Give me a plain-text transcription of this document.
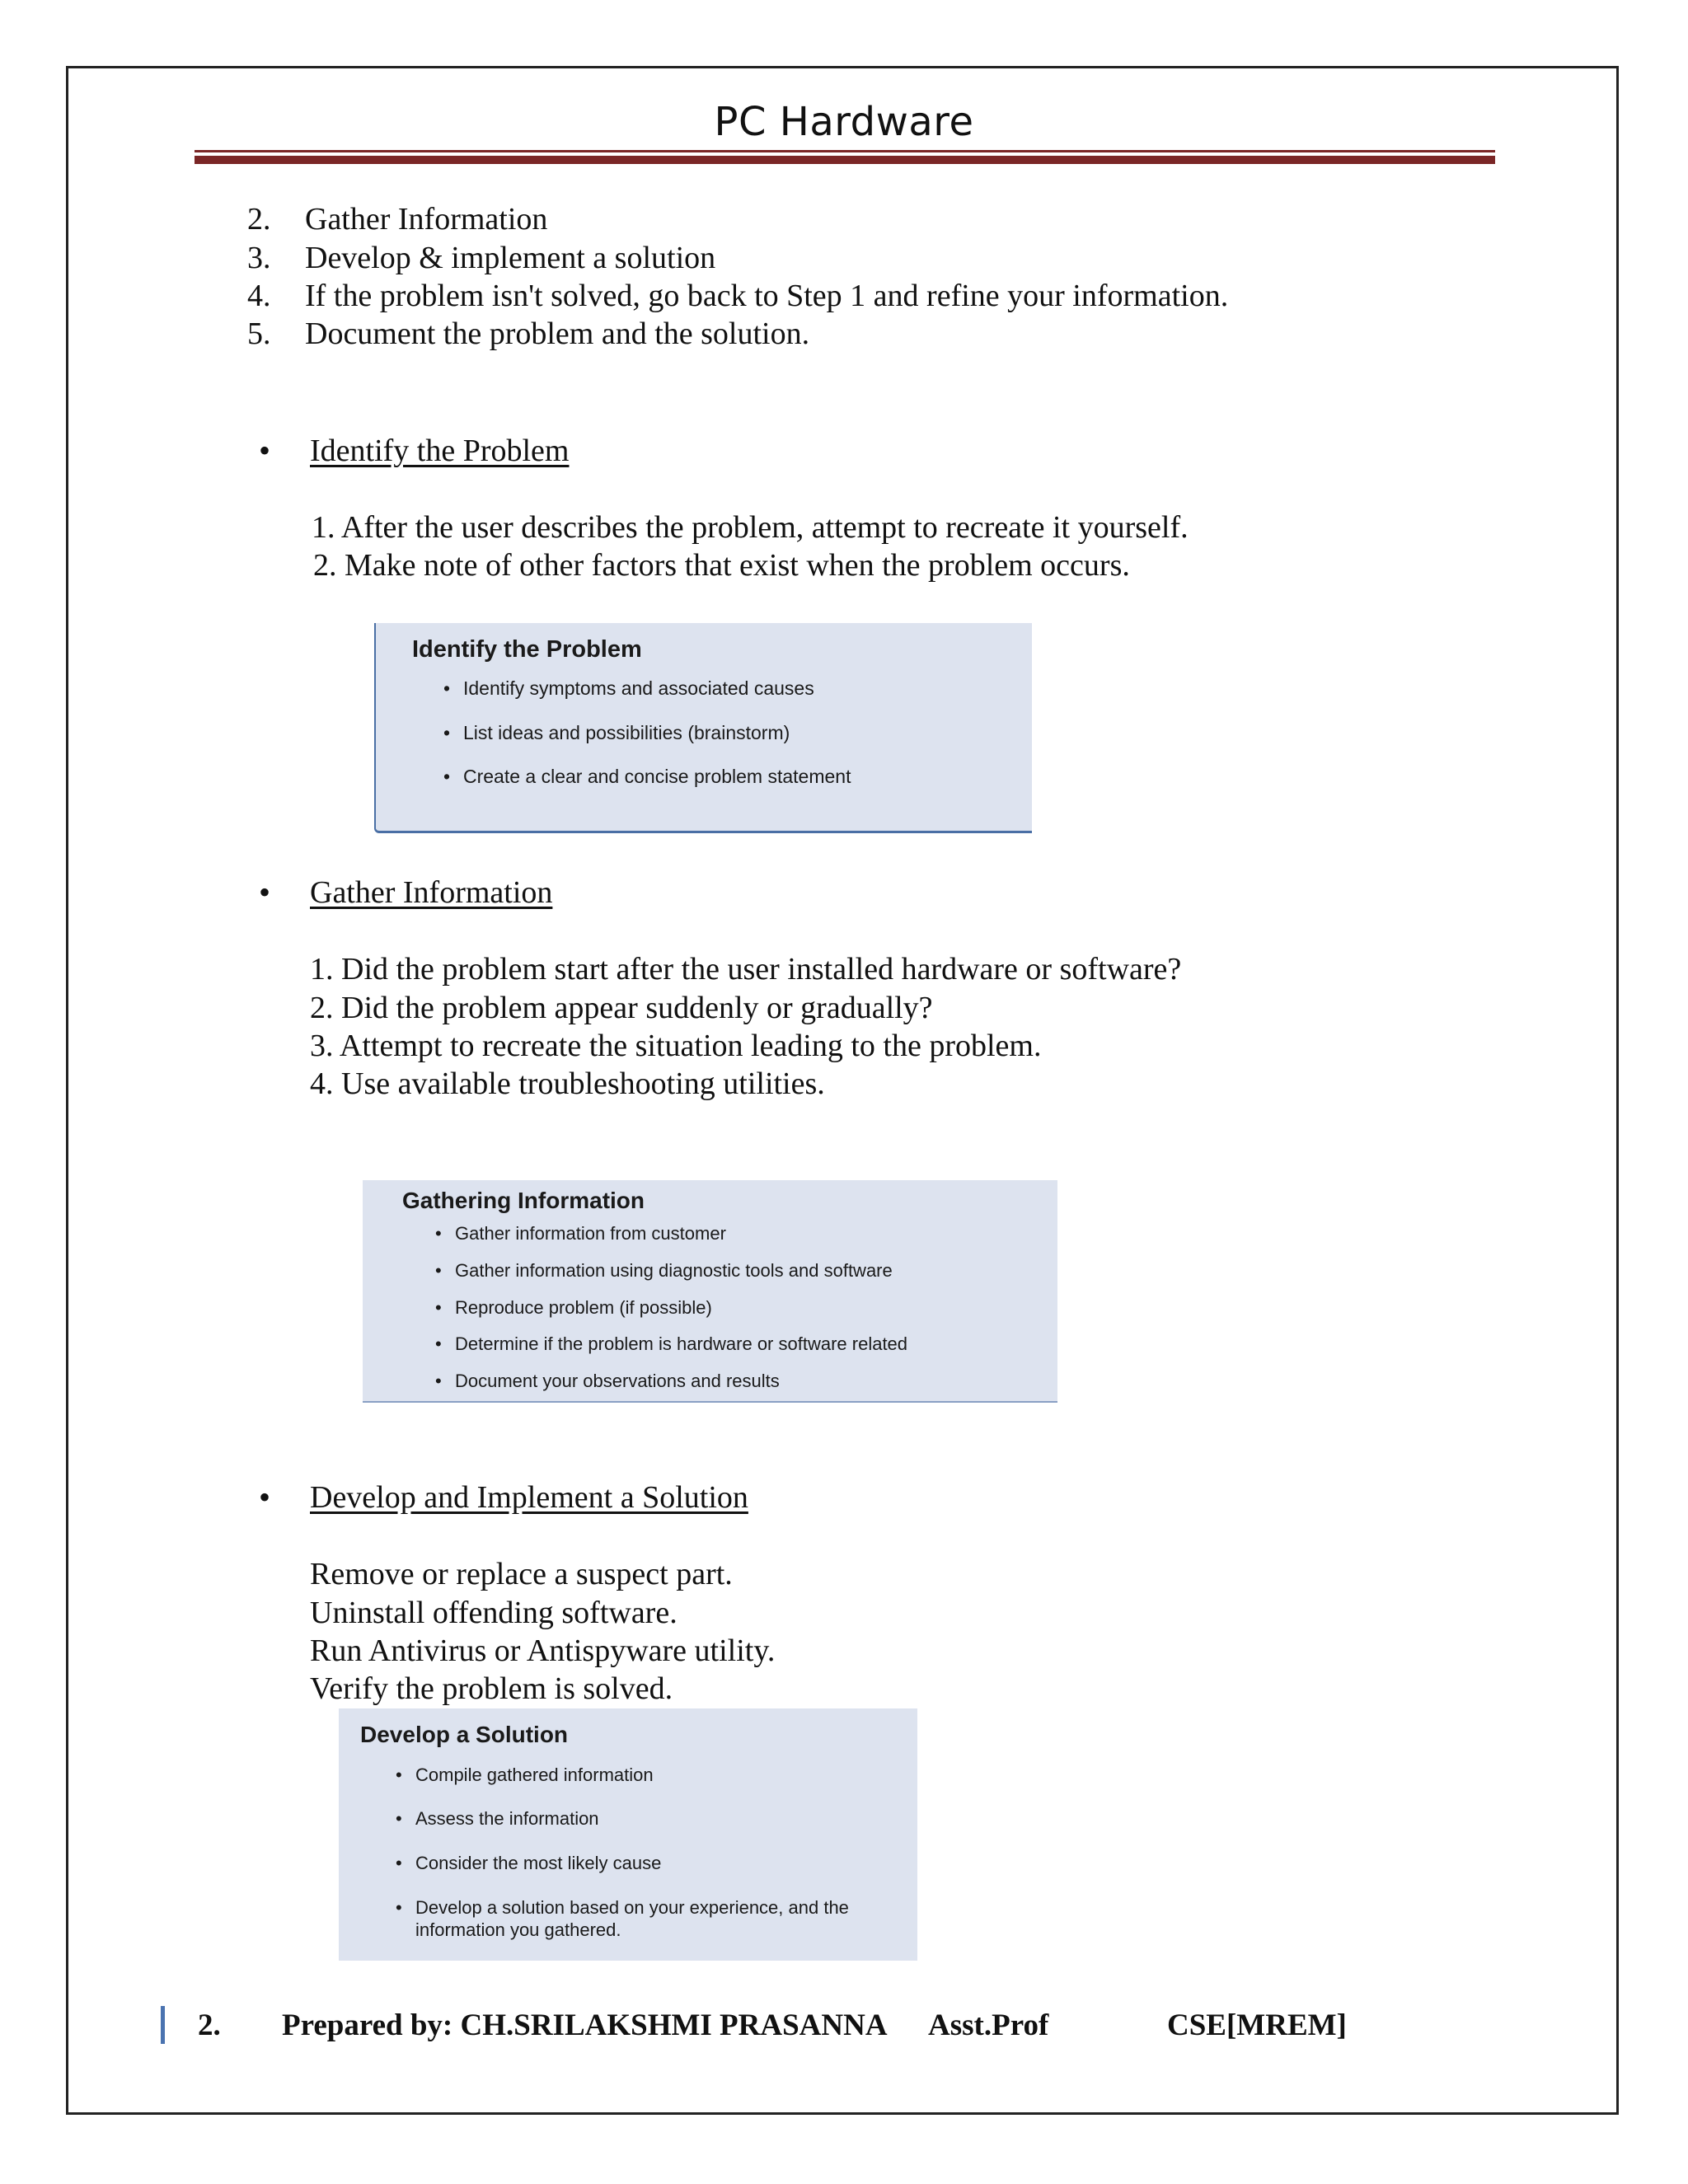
PC Hardware
2. Gather Information
3. Develop & implement a solution
4. If the problem isn't solved, go back to Step 1 and refine your information.
5. Document the problem and the solution.
• Identify the Problem
1. After the user describes the problem, attempt to recreate it yourself.
2. Make note of other factors that exist when the problem occurs.
Identify the Problem
• Identify symptoms and associated causes
• List ideas and possibilities (brainstorm)
• Create a clear and concise problem statement
• Gather Information
1. Did the problem start after the user installed hardware or software?
2. Did the problem appear suddenly or gradually?
3. Attempt to recreate the situation leading to the problem.
4. Use available troubleshooting utilities.
Gathering Information
• Gather information from customer
• Gather information using diagnostic tools and software
• Reproduce problem (if possible)
• Determine if the problem is hardware or software related
• Document your observations and results
• Develop and Implement a Solution
Remove or replace a suspect part.
Uninstall offending software.
Run Antivirus or Antispyware utility.
Verify the problem is solved.
Develop a Solution
• Compile gathered information
• Assess the information
• Consider the most likely cause
• Develop a solution based on your experience, and the information you gathered.
2. Prepared by: CH.SRILAKSHMI PRASANNA Asst.Prof	CSE[MREM]
